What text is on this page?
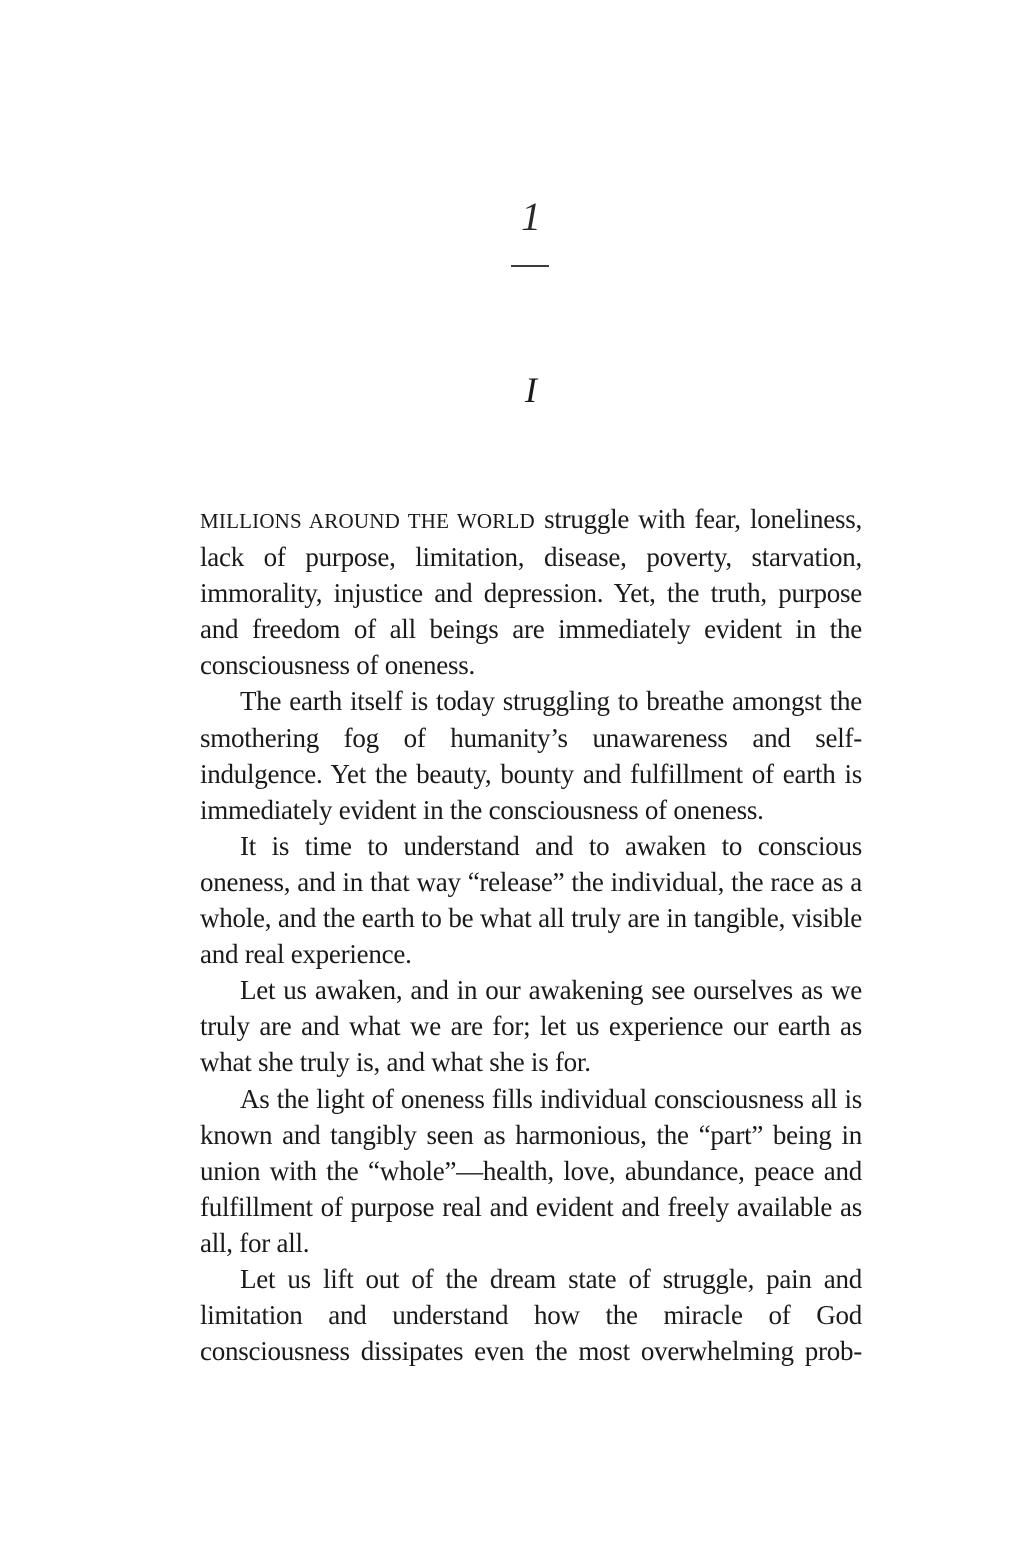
1
I

MILLIONS AROUND THE WORLD struggle with fear, loneliness, lack of purpose, limitation, disease, poverty, starvation, immorality, injustice and depression. Yet, the truth, purpose and freedom of all beings are immediately evident in the consciousness of oneness.

The earth itself is today struggling to breathe amongst the smothering fog of humanity’s unawareness and self-indulgence. Yet the beauty, bounty and fulfillment of earth is immediately evident in the consciousness of oneness.

It is time to understand and to awaken to conscious oneness, and in that way “release” the individual, the race as a whole, and the earth to be what all truly are in tangible, visible and real experience.

Let us awaken, and in our awakening see ourselves as we truly are and what we are for; let us experience our earth as what she truly is, and what she is for.

As the light of oneness fills individual consciousness all is known and tangibly seen as harmonious, the “part” being in union with the “whole”—health, love, abundance, peace and fulfillment of purpose real and evident and freely available as all, for all.

Let us lift out of the dream state of struggle, pain and limitation and understand how the miracle of God consciousness dissipates even the most overwhelming prob-
